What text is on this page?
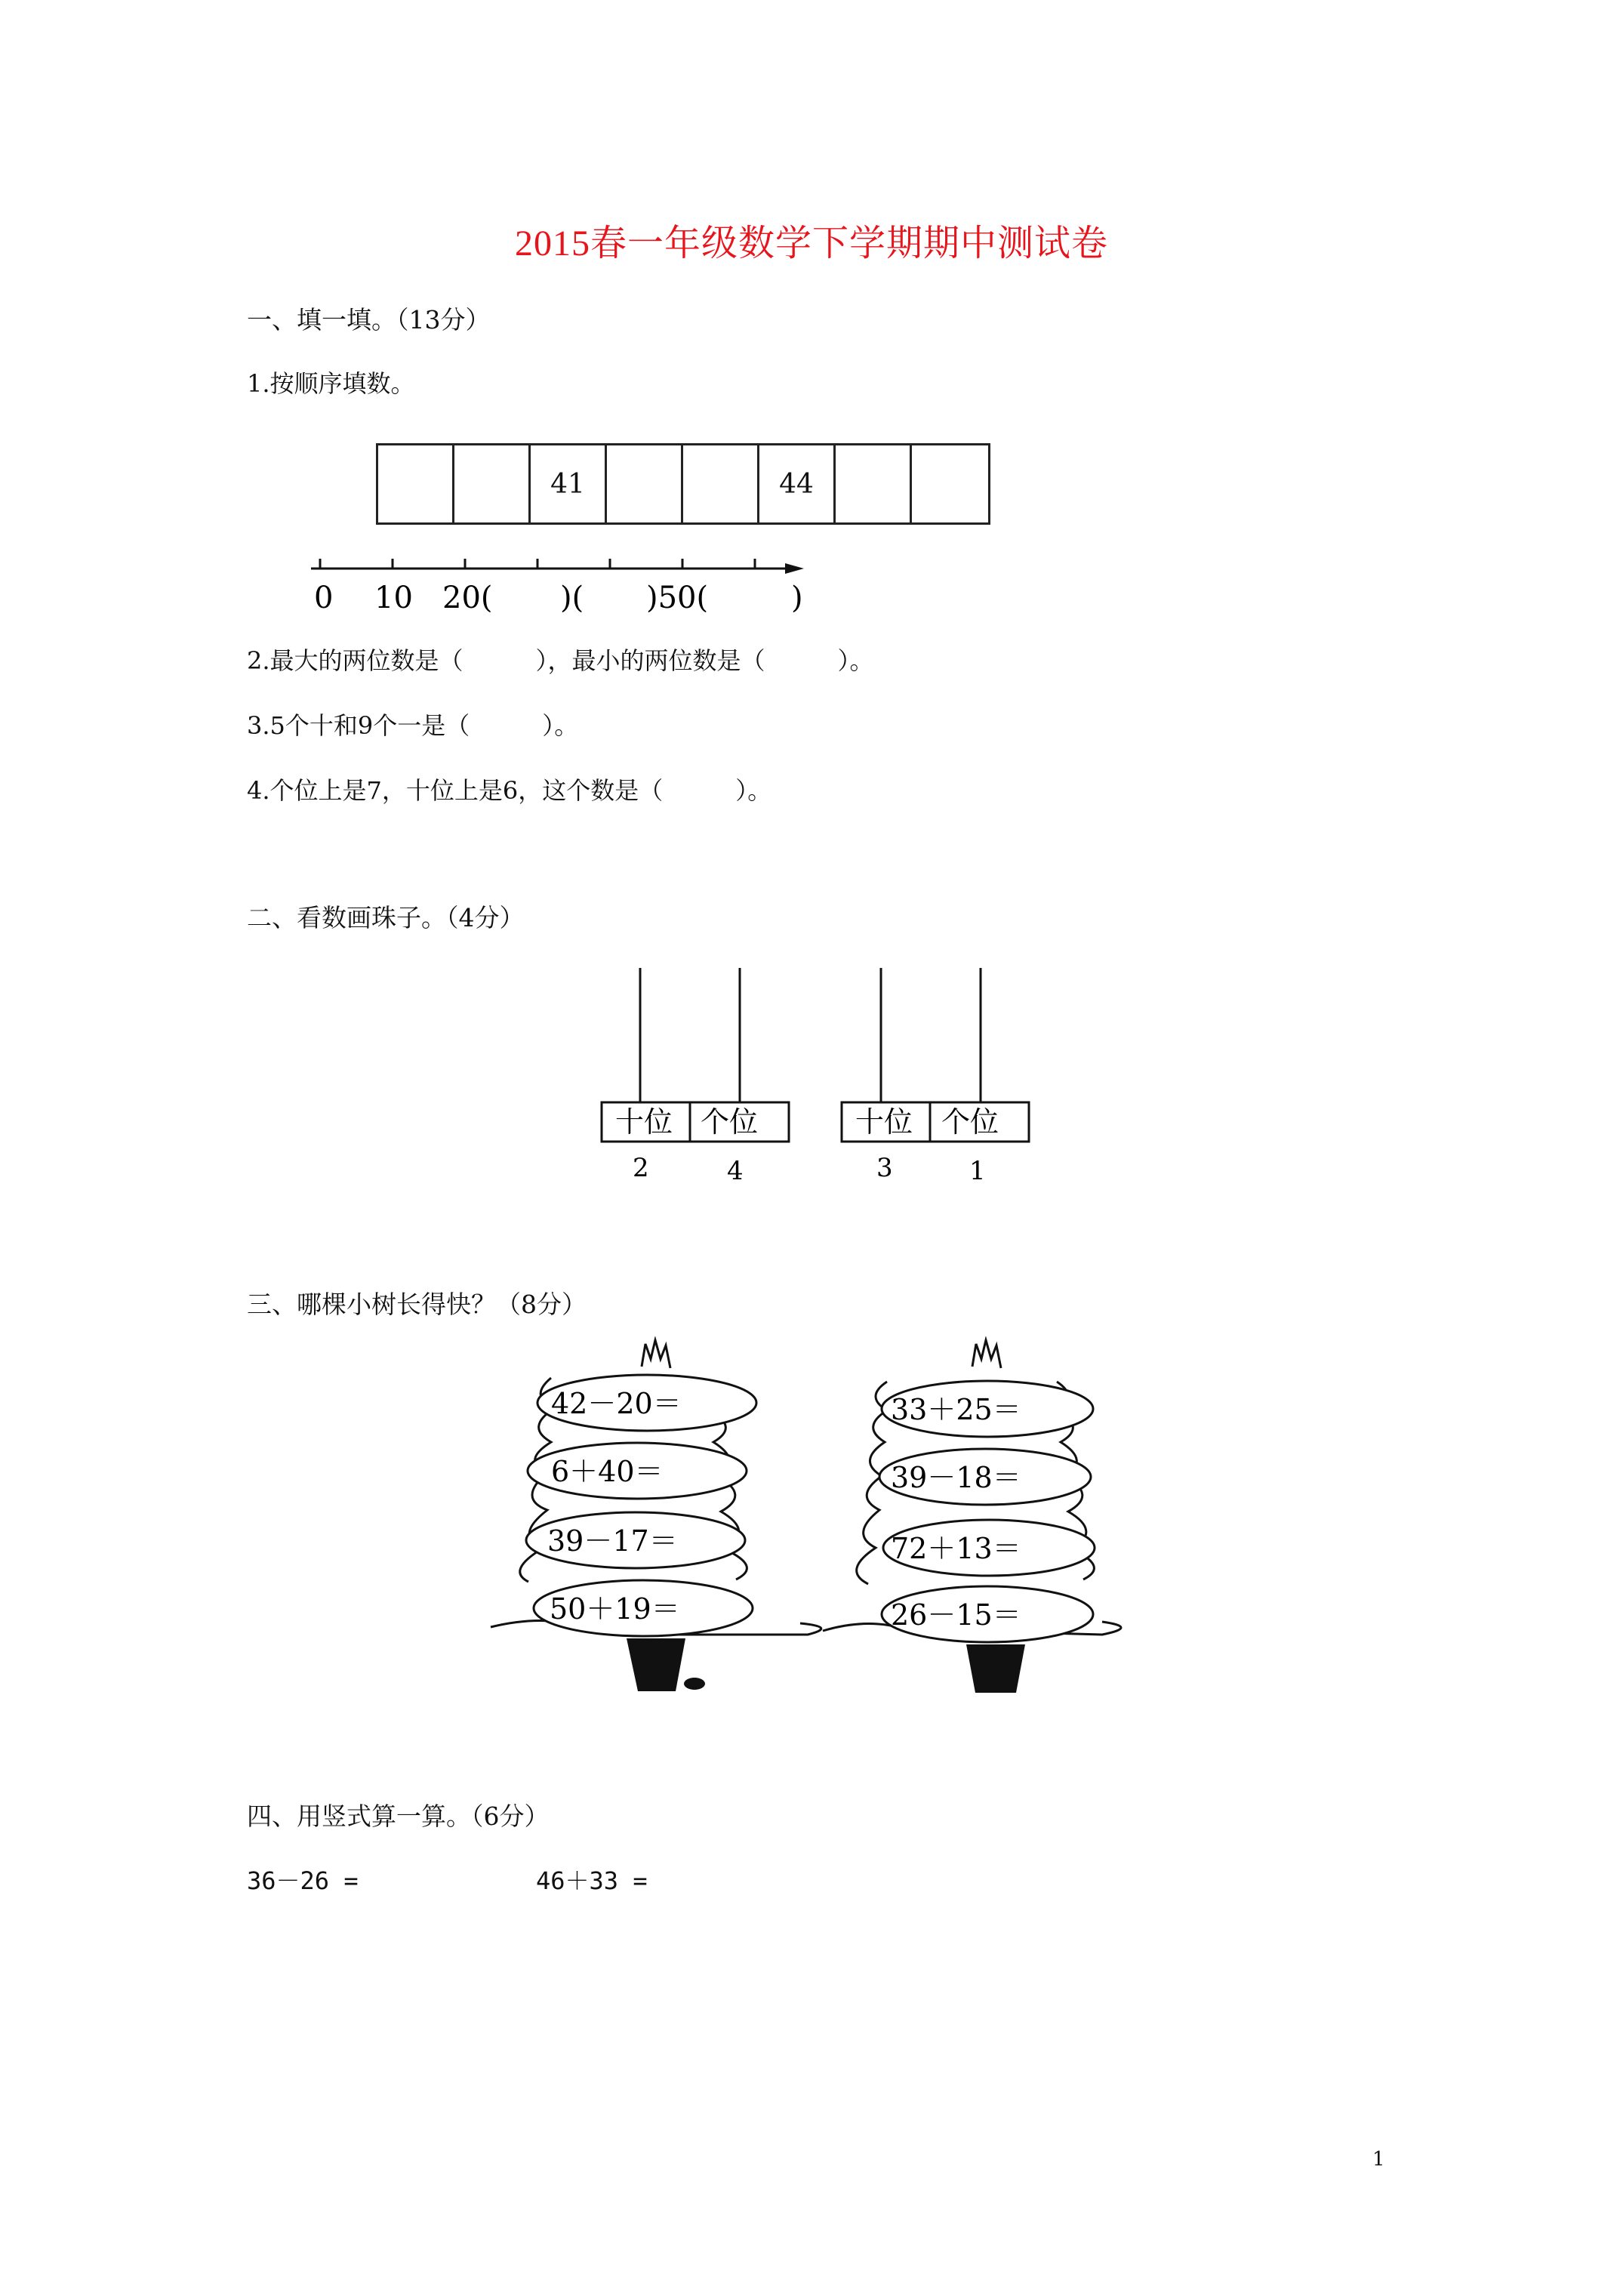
2015春一年级数学下学期期中测试卷
一、填一填。（13分）
1.按顺序填数。
41	44
0 10 20( )( )50(	)
2.最大的两位数是（　　　），最小的两位数是（　　　）。
3.5个十和9个一是（　　　）。
4.个位上是7，十位上是6，这个数是（　　　）。
二、看数画珠子。（4分）
十位 个位
2	4
十位 个位
3	1
三、哪棵小树长得快？（8分）
42－20＝
6＋40＝
39－17＝
50＋19＝
33＋25＝
39－18＝
72＋13＝
26－15＝
四、用竖式算一算。（6分）
36－26 =	46＋33 =
1
